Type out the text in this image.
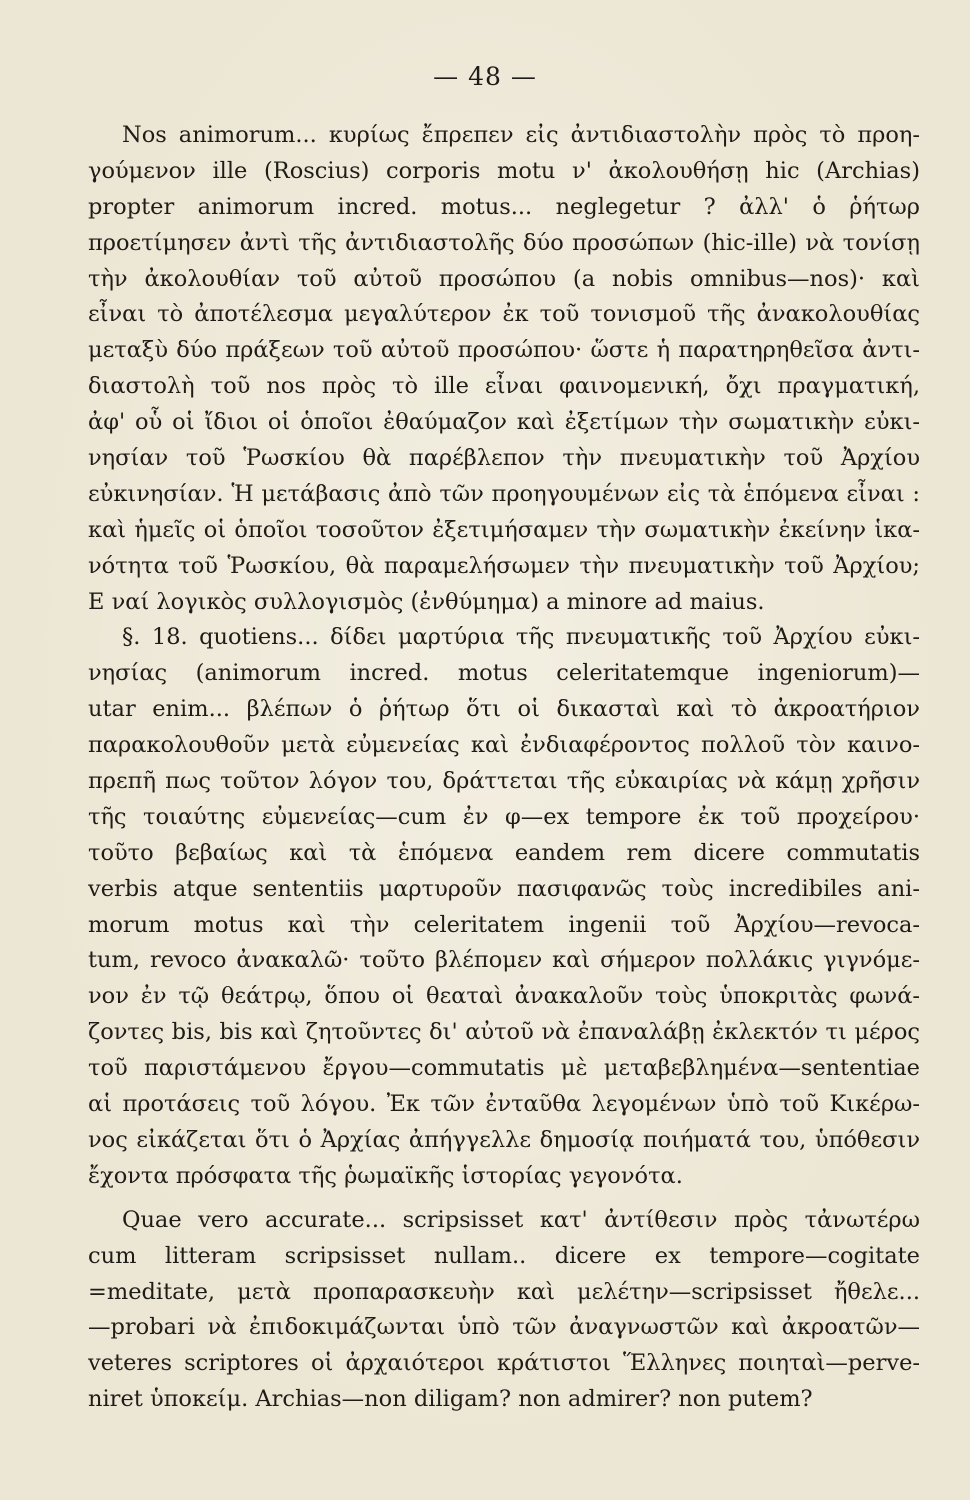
— 48 —
Nos animorum... κυρίως ἔπρεπεν εἰς ἀντιδιαστολὴν πρὸς τὸ προη-
γούμενον ille (Roscius) corporis motu ν' ἀκολουθήσῃ hic (Archias)
propter animorum incred. motus... neglegetur ? ἀλλ' ὁ ῥήτωρ
προετίμησεν ἀντὶ τῆς ἀντιδιαστολῆς δύο προσώπων (hic-ille) νὰ τονίσῃ
τὴν ἀκολουθίαν τοῦ αὐτοῦ προσώπου (a nobis omnibus—nos)· καὶ
εἶναι τὸ ἀποτέλεσμα μεγαλύτερον ἐκ τοῦ τονισμοῦ τῆς ἀνακολουθίας
μεταξὺ δύο πράξεων τοῦ αὐτοῦ προσώπου· ὥστε ἡ παρατηρηθεῖσα ἀντι-
διαστολὴ τοῦ nos πρὸς τὸ ille εἶναι φαινομενική, ὄχι πραγματική,
ἀφ' οὗ οἱ ἴδιοι οἱ ὁποῖοι ἐθαύμαζον καὶ ἐξετίμων τὴν σωματικὴν εὐκι-
νησίαν τοῦ Ῥωσκίου θὰ παρέβλεπον τὴν πνευματικὴν τοῦ Ἀρχίου
εὐκινησίαν. Ἡ μετάβασις ἀπὸ τῶν προηγουμένων εἰς τὰ ἑπόμενα εἶναι :
καὶ ἡμεῖς οἱ ὁποῖοι τοσοῦτον ἐξετιμήσαμεν τὴν σωματικὴν ἐκείνην ἱκα-
νότητα τοῦ Ῥωσκίου, θὰ παραμελήσωμεν τὴν πνευματικὴν τοῦ Ἀρχίου;
Ε ναί λογικὸς συλλογισμὸς (ἐνθύμημα) a minore ad maius.
§. 18. quotiens... δίδει μαρτύρια τῆς πνευματικῆς τοῦ Ἀρχίου εὐκι-
νησίας (animorum incred. motus celeritatemque ingeniorum)—
utar enim... βλέπων ὁ ῥήτωρ ὅτι οἱ δικασταὶ καὶ τὸ ἀκροατήριον
παρακολουθοῦν μετὰ εὐμενείας καὶ ἐνδιαφέροντος πολλοῦ τὸν καινο-
πρεπῆ πως τοῦτον λόγον του, δράττεται τῆς εὐκαιρίας νὰ κάμῃ χρῆσιν
τῆς τοιαύτης εὐμενείας—cum ἐν φ—ex tempore ἐκ τοῦ προχείρου·
τοῦτο βεβαίως καὶ τὰ ἑπόμενα eandem rem dicere commutatis
verbis atque sententiis μαρτυροῦν πασιφανῶς τοὺς incredibiles ani-
morum motus καὶ τὴν celeritatem ingenii τοῦ Ἀρχίου—revoca-
tum, revoco ἀνακαλῶ· τοῦτο βλέπομεν καὶ σήμερον πολλάκις γιγνόμε-
νον ἐν τῷ θεάτρῳ, ὅπου οἱ θεαταὶ ἀνακαλοῦν τοὺς ὑποκριτὰς φωνά-
ζοντες bis, bis καὶ ζητοῦντες δι' αὐτοῦ νὰ ἐπαναλάβῃ ἐκλεκτόν τι μέρος
τοῦ παριστάμενου ἔργου—commutatis μὲ μεταβεβλημένα—sententiae
αἱ προτάσεις τοῦ λόγου. Ἐκ τῶν ἐνταῦθα λεγομένων ὑπὸ τοῦ Κικέρω-
νος εἰκάζεται ὅτι ὁ Ἀρχίας ἀπήγγελλε δημοσίᾳ ποιήματά του, ὑπόθεσιν
ἔχοντα πρόσφατα τῆς ῥωμαϊκῆς ἱστορίας γεγονότα.
Quae vero accurate... scripsisset κατ' ἀντίθεσιν πρὸς τἀνωτέρω
cum litteram scripsisset nullam.. dicere ex tempore—cogitate
=meditate, μετὰ προπαρασκευὴν καὶ μελέτην—scripsisset ἤθελε...
—probari νὰ ἐπιδοκιμάζωνται ὑπὸ τῶν ἀναγνωστῶν καὶ ἀκροατῶν—
veteres scriptores οἱ ἀρχαιότεροι κράτιστοι Ἕλληνες ποιηταὶ—perve-
niret ὑποκείμ. Archias—non diligam? non admirer? non putem?
